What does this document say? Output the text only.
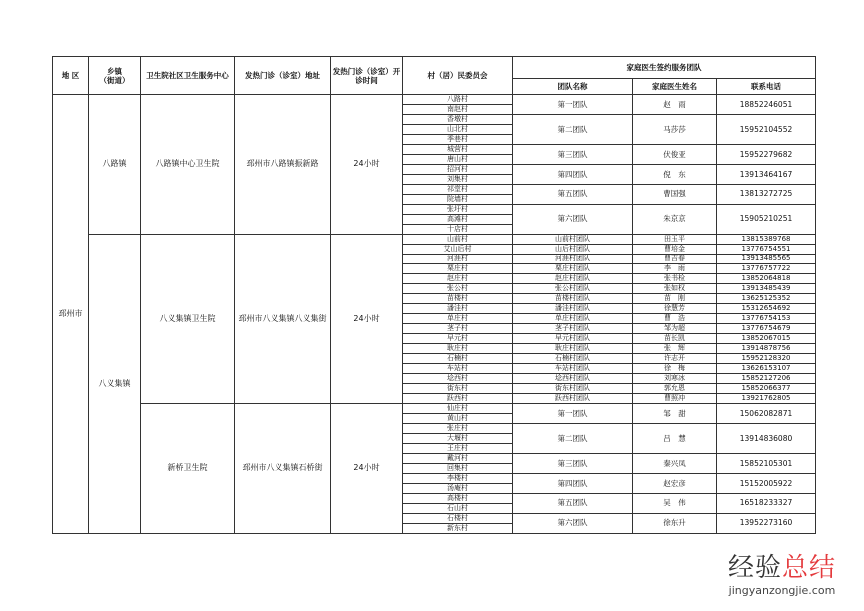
地 区	乡镇
（街道）	卫生院社区卫生服务中心	发热门诊（诊室）地址	发热门诊（诊室）开诊时间	村（居）民委员会	家庭医生签约服务团队		
						团队名称	家庭医生姓名	联系电话
邳州市	八路镇	八路镇中心卫生院	邳州市八路镇振新路	24小时	八路村	第一团队	赵　雨	18852246051
					南赵村			
					香墩村	第二团队	马莎莎	15952104552
					山北村			
					季巷村			
					城营村	第三团队	伏俊亚	15952279682
					唐山村			
					招河村	第四团队	倪　东	13913464167
					刘集村			
					祁堂村	第五团队	曹国强	13813272725
					院墙村			
					张圩村	第六团队	朱京京	15905210251
					高滩村			
					十店村			
	八义集镇	八义集镇卫生院	邳州市八义集镇八义集街	24小时	山前村	山前村团队	田玉平	13815389768
					艾山后村	山后村团队	曹培金	13776754551
					河涯村	河涯村团队	曹吉春	13913485565
					栗庄村	栗庄村团队	李　雨	13776757722
					赵庄村	赵庄村团队	张书检	13852064818
					张公村	张公村团队	张如权	13913485439
					苗楼村	苗楼村团队	苗　刚	13625125352
					潘洼村	潘洼村团队	徐慧芳	15312654692
					单庄村	单庄村团队	曹　浩	13776754153
					茎子村	茎子村团队	邹为超	13776754679
					早元村	早元村团队	苗长凯	13852067015
					耿庄村	耿庄村团队	张　辉	13914878756
					石楠村	石楠村团队	许志开	15952128320
					车站村	车站村团队	徐　梅	13626153107
					埝西村	埝西村团队	刘寒冰	15852127206
					街东村	街东村团队	郭允恩	15852066377
					跃西村	跃西村团队	曹照冲	13921762805
		新桥卫生院	邳州市八义集镇石桥街	24小时	仙庄村	第一团队	邹　甜	15062082871
					黄山村			
					张庄村	第二团队	吕　慧	13914836080
					大堰村			
					王庄村			
					戴河村	第三团队	秦兴凤	15852105301
					回集村			
					李楼村	第四团队	赵宏彦	15152005922
					汤庵村			
					高楼村	第五团队	吴　伟	16518233327
					石山村			
					石楼村	第六团队	徐东升	13952273160
					新东村			
经验总结
jingyanzongjie.com
